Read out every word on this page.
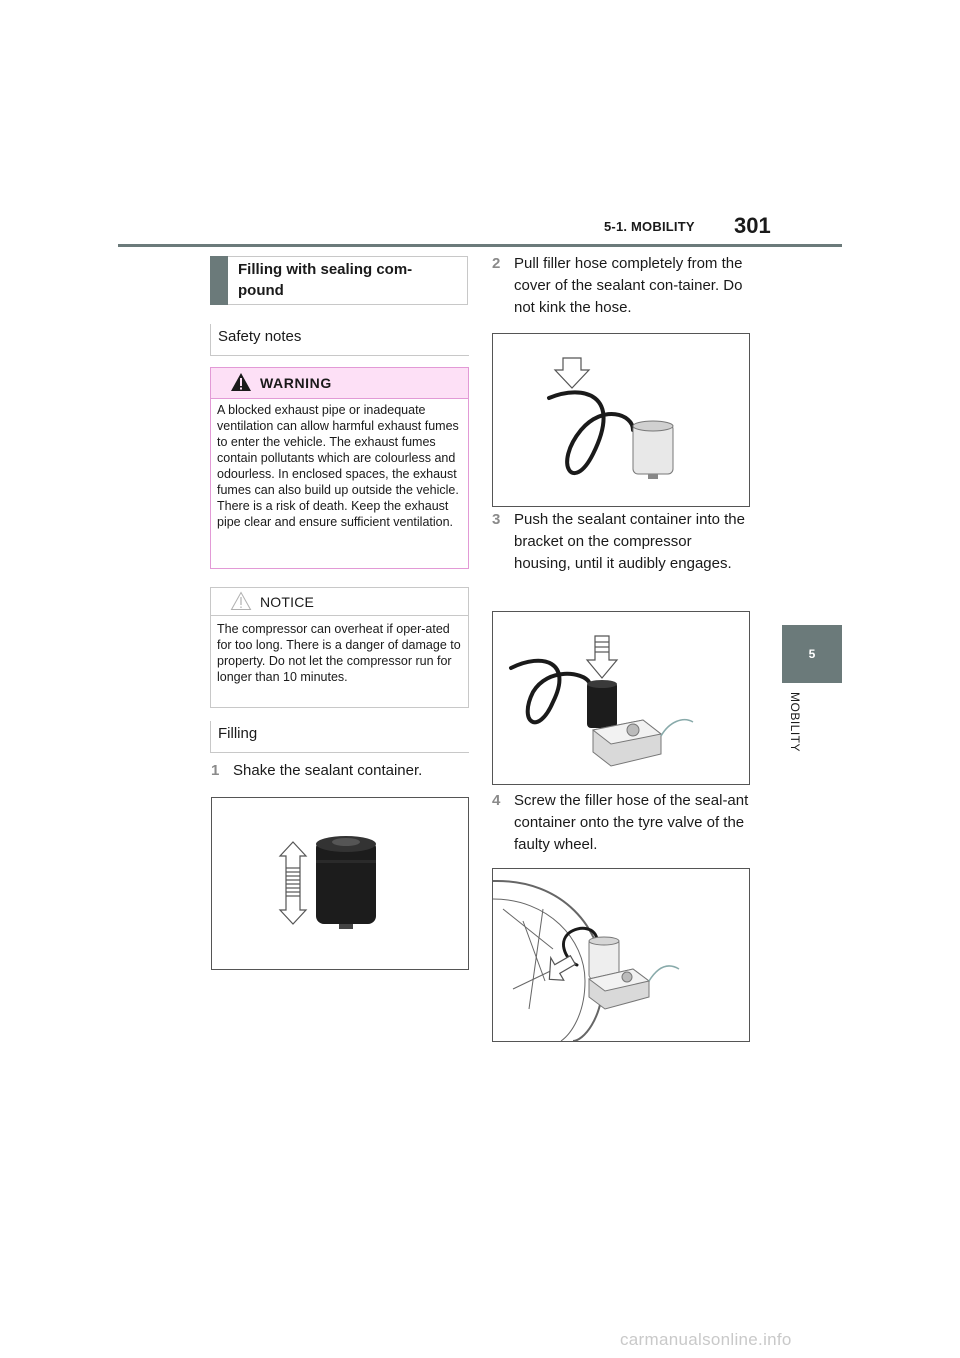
5-1. MOBILITY 301
5
MOBILITY
Filling with sealing com-
pound
Safety notes
WARNING
A blocked exhaust pipe or inadequate ventilation can allow harmful exhaust fumes to enter the vehicle. The exhaust fumes contain pollutants which are colourless and odourless. In enclosed spaces, the exhaust fumes can also build up outside the vehicle. There is a risk of death. Keep the exhaust pipe clear and ensure sufficient ventilation.
NOTICE
The compressor can overheat if oper-ated for too long. There is a danger of damage to property. Do not let the compressor run for longer than 10 minutes.
Filling
1 Shake the sealant container.
2 Pull filler hose completely from the cover of the sealant con-tainer. Do not kink the hose.
3 Push the sealant container into the bracket on the compressor housing, until it audibly engages.
4 Screw the filler hose of the seal-ant container onto the tyre valve of the faulty wheel.
carmanualsonline.info
